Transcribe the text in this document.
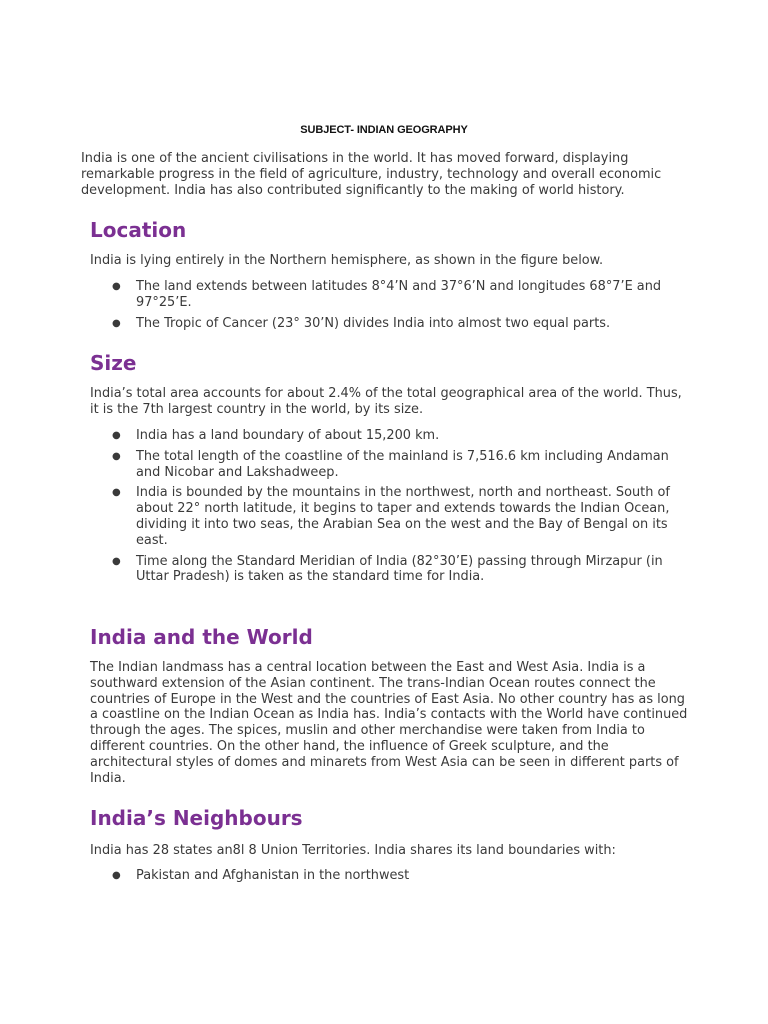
SUBJECT- INDIAN GEOGRAPHY

India is one of the ancient civilisations in the world. It has moved forward, displaying remarkable progress in the field of agriculture, industry, technology and overall economic development. India has also contributed significantly to the making of world history.

Location

India is lying entirely in the Northern hemisphere, as shown in the figure below.

● The land extends between latitudes 8°4’N and 37°6’N and longitudes 68°7’E and 97°25’E.
● The Tropic of Cancer (23° 30’N) divides India into almost two equal parts.
Size

India’s total area accounts for about 2.4% of the total geographical area of the world. Thus, it is the 7th largest country in the world, by its size.

● India has a land boundary of about 15,200 km.
● The total length of the coastline of the mainland is 7,516.6 km including Andaman and Nicobar and Lakshadweep.
● India is bounded by the mountains in the northwest, north and northeast. South of about 22° north latitude, it begins to taper and extends towards the Indian Ocean, dividing it into two seas, the Arabian Sea on the west and the Bay of Bengal on its east.
● Time along the Standard Meridian of India (82°30’E) passing through Mirzapur (in Uttar Pradesh) is taken as the standard time for India.
India and the World

The Indian landmass has a central location between the East and West Asia. India is a southward extension of the Asian continent. The trans-Indian Ocean routes connect the countries of Europe in the West and the countries of East Asia. No other country has as long a coastline on the Indian Ocean as India has. India’s contacts with the World have continued through the ages. The spices, muslin and other merchandise were taken from India to different countries. On the other hand, the influence of Greek sculpture, and the architectural styles of domes and minarets from West Asia can be seen in different parts of India.

India’s Neighbours

India has 28 states an8l 8 Union Territories. India shares its land boundaries with:

● Pakistan and Afghanistan in the northwest
